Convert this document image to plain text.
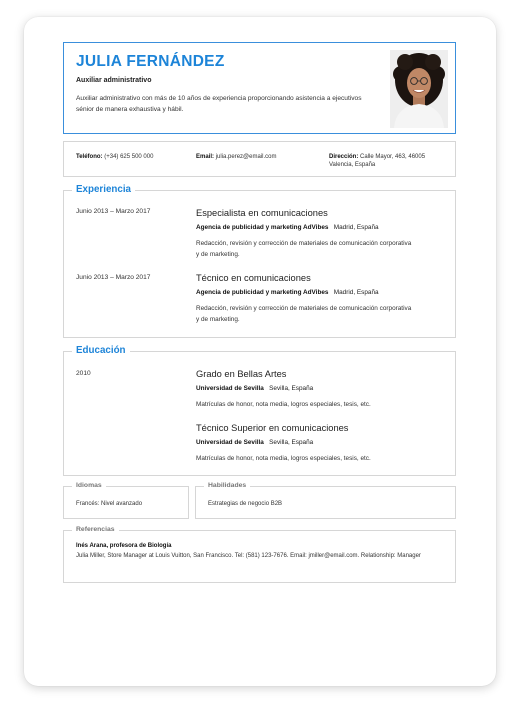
JULIA FERNÁNDEZ
Auxiliar administrativo
Auxiliar administrativo con más de 10 años de experiencia proporcionando asistencia a ejecutivos sénior de manera exhaustiva y hábil.
Teléfono: (+34) 625 500 000	Email: julia.perez@email.com	Dirección: Calle Mayor, 463, 46005 Valencia, España
Experiencia
Junio 2013 – Marzo 2017	Especialista en comunicaciones
Agencia de publicidad y marketing AdVibes Madrid, España
Redacción, revisión y corrección de materiales de comunicación corporativa y de marketing.
Junio 2013 – Marzo 2017	Técnico en comunicaciones
Agencia de publicidad y marketing AdVibes Madrid, España
Redacción, revisión y corrección de materiales de comunicación corporativa y de marketing.
Educación
2010	Grado en Bellas Artes
Universidad de Sevilla Sevilla, España
Matrículas de honor, nota media, logros especiales, tesis, etc.
Técnico Superior en comunicaciones
Universidad de Sevilla Sevilla, España
Matrículas de honor, nota media, logros especiales, tesis, etc.
Idiomas
Francés: Nivel avanzado
Habilidades
Estrategias de negocio B2B
Referencias
Inés Arana, profesora de Biología
Julia Miller, Store Manager at Louis Vuitton, San Francisco. Tel: (581) 123-7676. Email: jmiller@email.com. Relationship: Manager
